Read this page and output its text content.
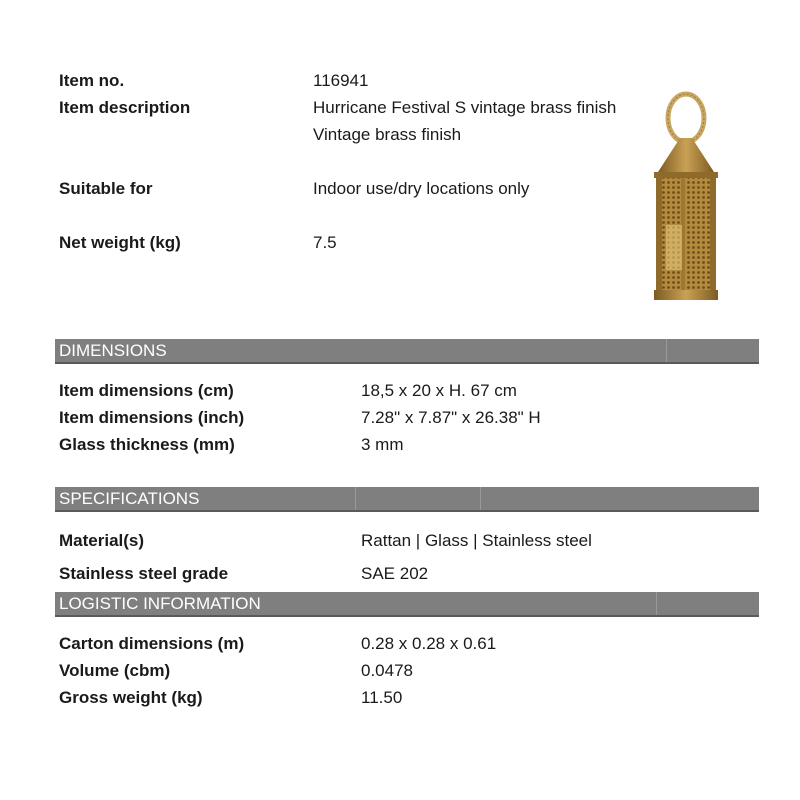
Item no.	116941
Item description	Hurricane Festival S vintage brass finish
Vintage brass finish
Suitable for	Indoor use/dry locations only
Net weight (kg)	7.5
DIMENSIONS
Item dimensions (cm)	18,5 x 20 x H. 67 cm
Item dimensions (inch)	7.28" x 7.87" x 26.38" H
Glass thickness (mm)	3 mm
SPECIFICATIONS
Material(s)	Rattan | Glass | Stainless steel
Stainless steel grade	SAE 202
LOGISTIC INFORMATION
Carton dimensions (m)	0.28 x 0.28 x 0.61
Volume (cbm)	0.0478
Gross weight (kg)	11.50
